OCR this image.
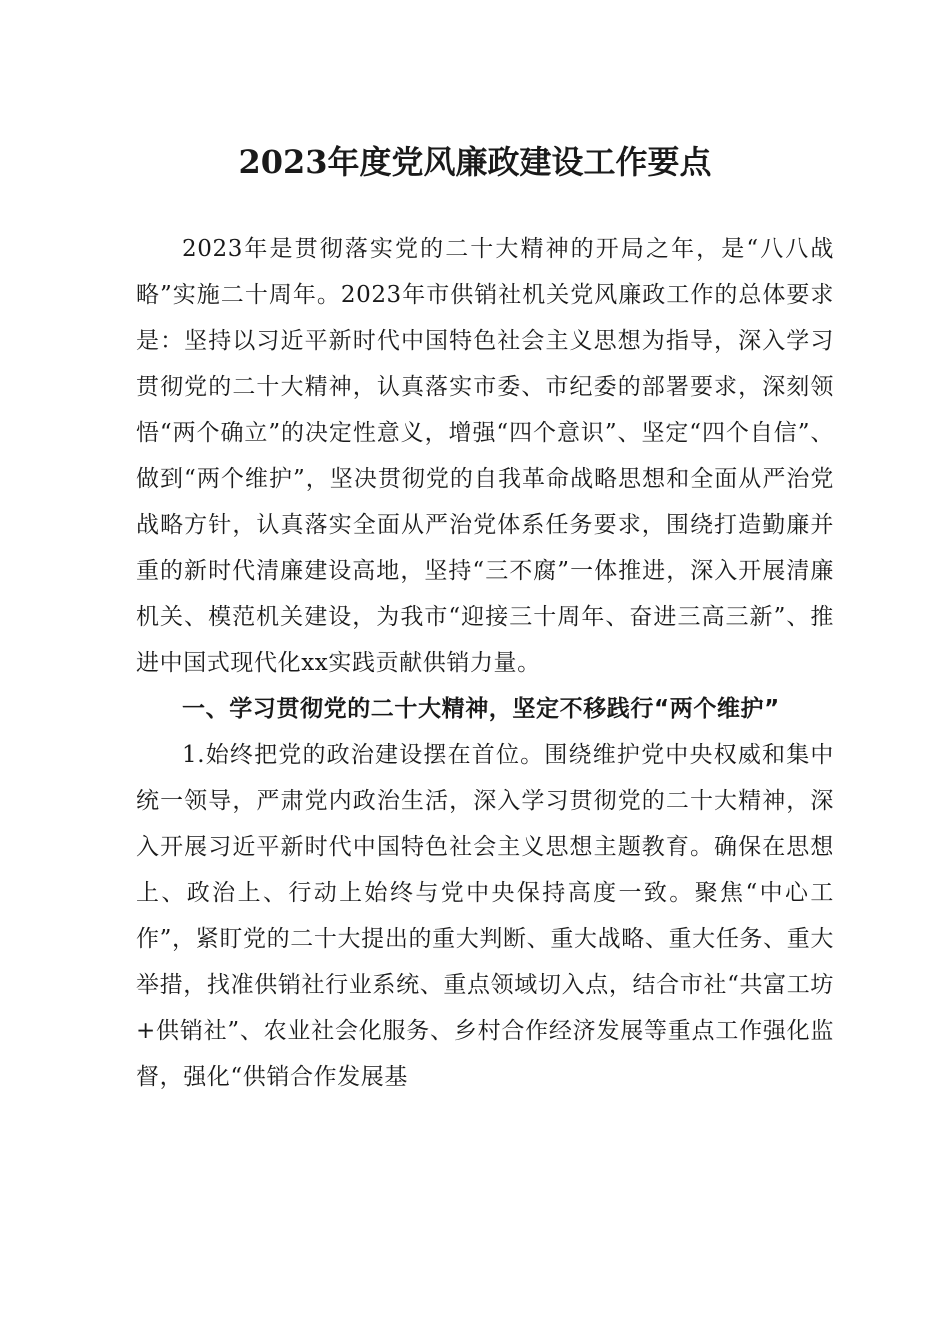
2023年度党风廉政建设工作要点

2023年是贯彻落实党的二十大精神的开局之年，是“八八战略”实施二十周年。2023年市供销社机关党风廉政工作的总体要求是：坚持以习近平新时代中国特色社会主义思想为指导，深入学习贯彻党的二十大精神，认真落实市委、市纪委的部署要求，深刻领悟“两个确立”的决定性意义，增强“四个意识”、坚定“四个自信”、做到“两个维护”，坚决贯彻党的自我革命战略思想和全面从严治党战略方针，认真落实全面从严治党体系任务要求，围绕打造勤廉并重的新时代清廉建设高地，坚持“三不腐”一体推进，深入开展清廉机关、模范机关建设，为我市“迎接三十周年、奋进三高三新”、推进中国式现代化xx实践贡献供销力量。

一、学习贯彻党的二十大精神，坚定不移践行“两个维护”

1.始终把党的政治建设摆在首位。围绕维护党中央权威和集中统一领导，严肃党内政治生活，深入学习贯彻党的二十大精神，深入开展习近平新时代中国特色社会主义思想主题教育。确保在思想上、政治上、行动上始终与党中央保持高度一致。聚焦“中心工作”，紧盯党的二十大提出的重大判断、重大战略、重大任务、重大举措，找准供销社行业系统、重点领域切入点，结合市社“共富工坊+供销社”、农业社会化服务、乡村合作经济发展等重点工作强化监督，强化“供销合作发展基
